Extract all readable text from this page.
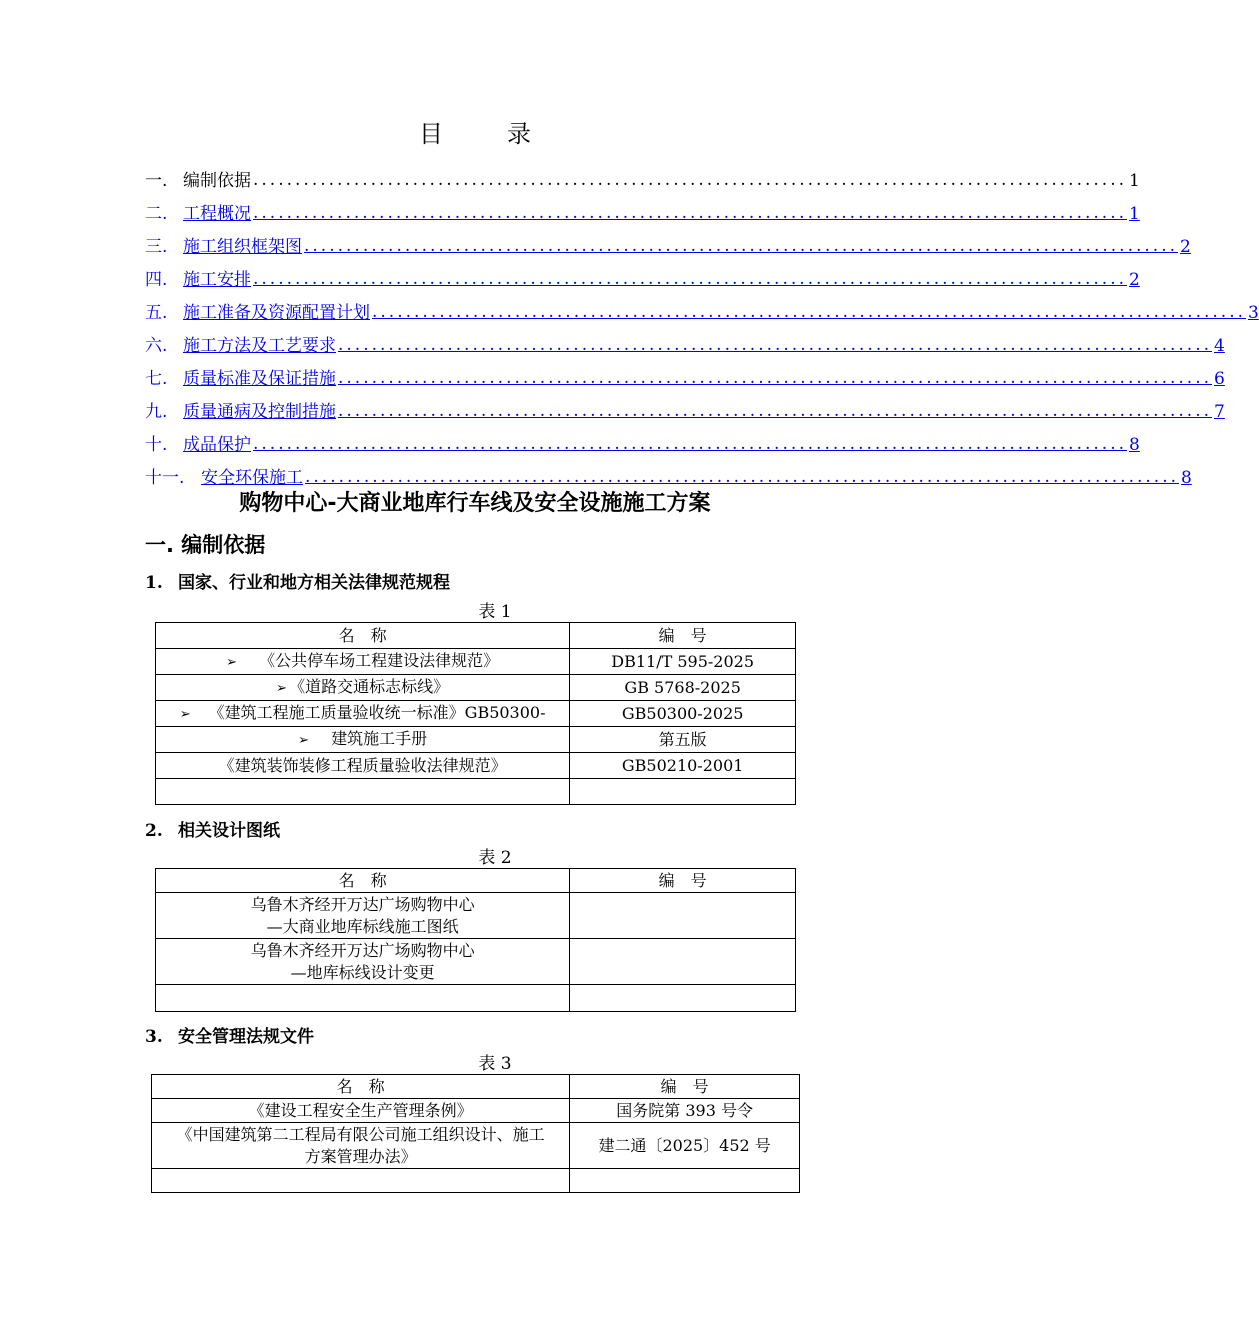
目	录
一. 编制依据 ........................................................................................................ 1
二. 工程概况 ........................................................................................................ 1
三. 施工组织框架图 ........................................................................................................ 2
四. 施工安排 ........................................................................................................ 2
五. 施工准备及资源配置计划 ........................................................................................................ 3
六. 施工方法及工艺要求 ........................................................................................................ 4
七. 质量标准及保证措施 ........................................................................................................ 6
九. 质量通病及控制措施 ........................................................................................................ 7
十. 成品保护 ........................................................................................................ 8
十一. 安全环保施工 ........................................................................................................ 8
购物中心-大商业地库行车线及安全设施施工方案
一. 编制依据
1. 国家、行业和地方相关法律规范规程
表 1
名　称	编　号
➢ 《公共停车场工程建设法律规范》	DB11/T 595-2025
➢ 《道路交通标志标线》	GB 5768-2025
➢ 《建筑工程施工质量验收统一标准》GB50300-	GB50300-2025
➢ 建筑施工手册	第五版
《建筑装饰装修工程质量验收法律规范》	GB50210-2001

2. 相关设计图纸
表 2
名　称	编　号

乌鲁木齐经开万达广场购物中心
—大商业地库标线施工图纸	

乌鲁木齐经开万达广场购物中心
—地库标线设计变更	

3. 安全管理法规文件
表 3
名　称	编　号
《建设工程安全生产管理条例》	国务院第 393 号令

《中国建筑第二工程局有限公司施工组织设计、施工
方案管理办法》	建二通〔2025〕452 号
